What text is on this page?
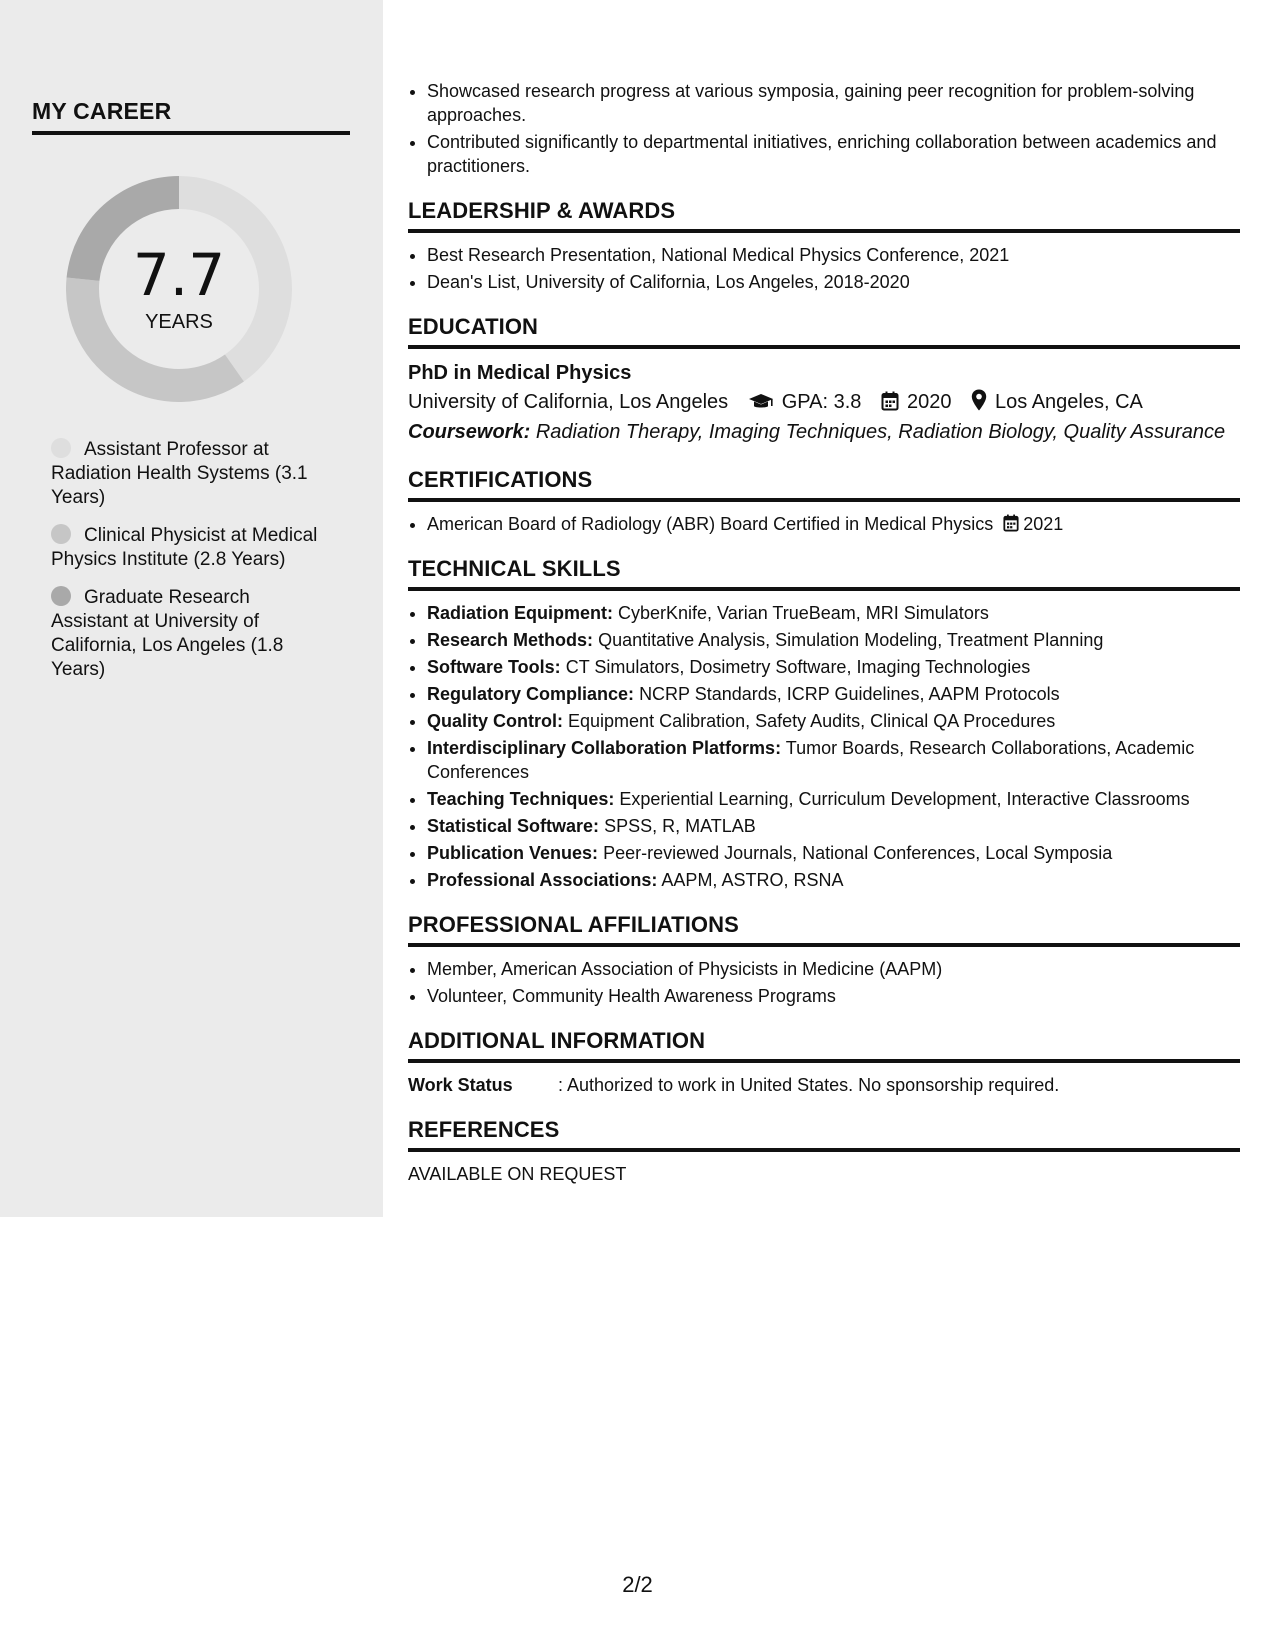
MY CAREER
7.7
YEARS
Assistant Professor at Radiation Health Systems (3.1 Years)
Clinical Physicist at Medical Physics Institute (2.8 Years)
Graduate Research Assistant at University of California, Los Angeles (1.8 Years)
• Showcased research progress at various symposia, gaining peer recognition for problem-solving approaches.
• Contributed significantly to departmental initiatives, enriching collaboration between academics and practitioners.
LEADERSHIP & AWARDS
• Best Research Presentation, National Medical Physics Conference, 2021
• Dean's List, University of California, Los Angeles, 2018-2020
EDUCATION
PhD in Medical Physics
University of California, Los Angeles	GPA: 3.8 2020 Los Angeles, CA
Coursework: Radiation Therapy, Imaging Techniques, Radiation Biology, Quality Assurance
CERTIFICATIONS
• American Board of Radiology (ABR) Board Certified in Medical Physics 2021
TECHNICAL SKILLS
• Radiation Equipment: CyberKnife, Varian TrueBeam, MRI Simulators
• Research Methods: Quantitative Analysis, Simulation Modeling, Treatment Planning
• Software Tools: CT Simulators, Dosimetry Software, Imaging Technologies
• Regulatory Compliance: NCRP Standards, ICRP Guidelines, AAPM Protocols
• Quality Control: Equipment Calibration, Safety Audits, Clinical QA Procedures
• Interdisciplinary Collaboration Platforms: Tumor Boards, Research Collaborations, Academic Conferences
• Teaching Techniques: Experiential Learning, Curriculum Development, Interactive Classrooms
• Statistical Software: SPSS, R, MATLAB
• Publication Venues: Peer-reviewed Journals, National Conferences, Local Symposia
• Professional Associations: AAPM, ASTRO, RSNA
PROFESSIONAL AFFILIATIONS
• Member, American Association of Physicists in Medicine (AAPM)
• Volunteer, Community Health Awareness Programs
ADDITIONAL INFORMATION
Work Status	: Authorized to work in United States. No sponsorship required.
REFERENCES
AVAILABLE ON REQUEST
2/2
